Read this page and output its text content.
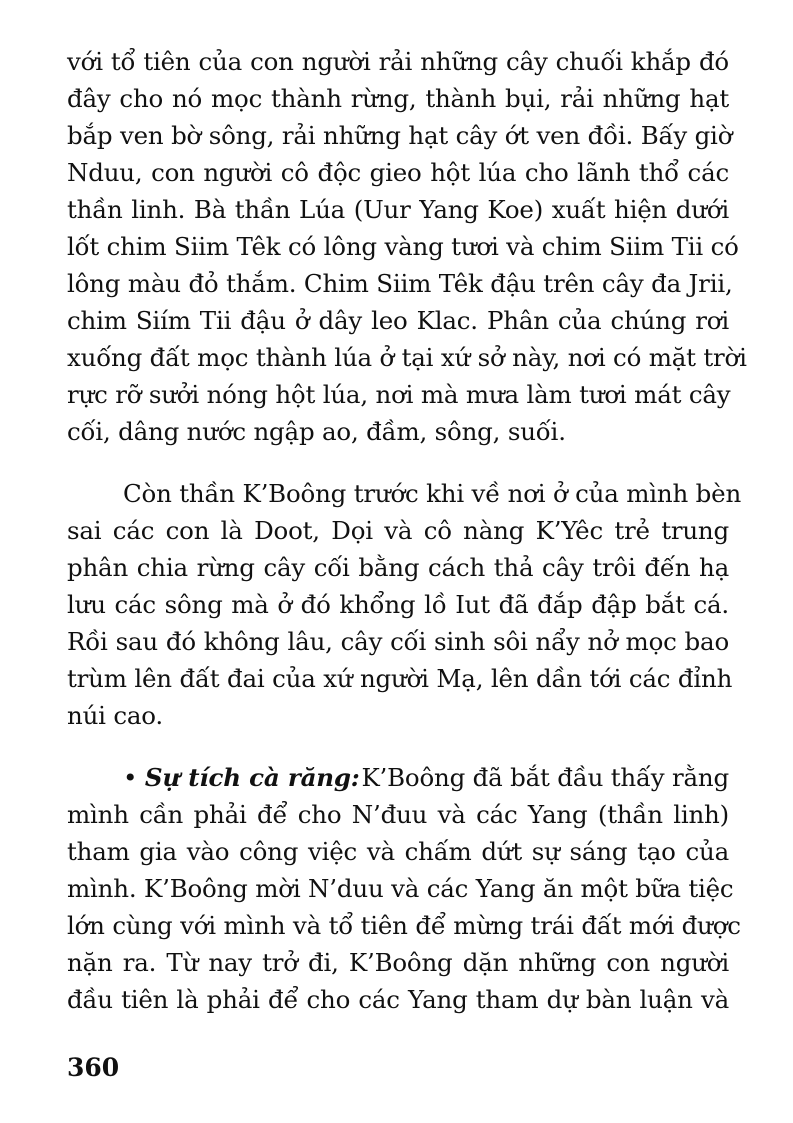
với tổ tiên của con người rải những cây chuối khắp đó
đây cho nó mọc thành rừng, thành bụi, rải những hạt
bắp ven bờ sông, rải những hạt cây ớt ven đồi. Bấy giờ
Nduu, con người cô độc gieo hột lúa cho lãnh thổ các
thần linh. Bà thần Lúa (Uur Yang Koe) xuất hiện dưới
lốt chim Siim Têk có lông vàng tươi và chim Siim Tii có
lông màu đỏ thắm. Chim Siim Têk đậu trên cây đa Jrii,
chim Siím Tii đậu ở dây leo Klac. Phân của chúng rơi
xuống đất mọc thành lúa ở tại xứ sở này, nơi có mặt trời
rực rỡ sưởi nóng hột lúa, nơi mà mưa làm tươi mát cây
cối, dâng nước ngập ao, đầm, sông, suối.
Còn thần K’Boông trước khi về nơi ở của mình bèn
sai các con là Doot, Dọi và cô nàng K’Yêc trẻ trung
phân chia rừng cây cối bằng cách thả cây trôi đến hạ
lưu các sông mà ở đó khổng lồ Iut đã đắp đập bắt cá.
Rồi sau đó không lâu, cây cối sinh sôi nẩy nở mọc bao
trùm lên đất đai của xứ người Mạ, lên dần tới các đỉnh
núi cao.
• Sự tích cà răng: K’Boông đã bắt đầu thấy rằng
mình cần phải để cho N’đuu và các Yang (thần linh)
tham gia vào công việc và chấm dứt sự sáng tạo của
mình. K’Boông mời N’duu và các Yang ăn một bữa tiệc
lớn cùng với mình và tổ tiên để mừng trái đất mới được
nặn ra. Từ nay trở đi, K’Boông dặn những con người
đầu tiên là phải để cho các Yang tham dự bàn luận và
360
